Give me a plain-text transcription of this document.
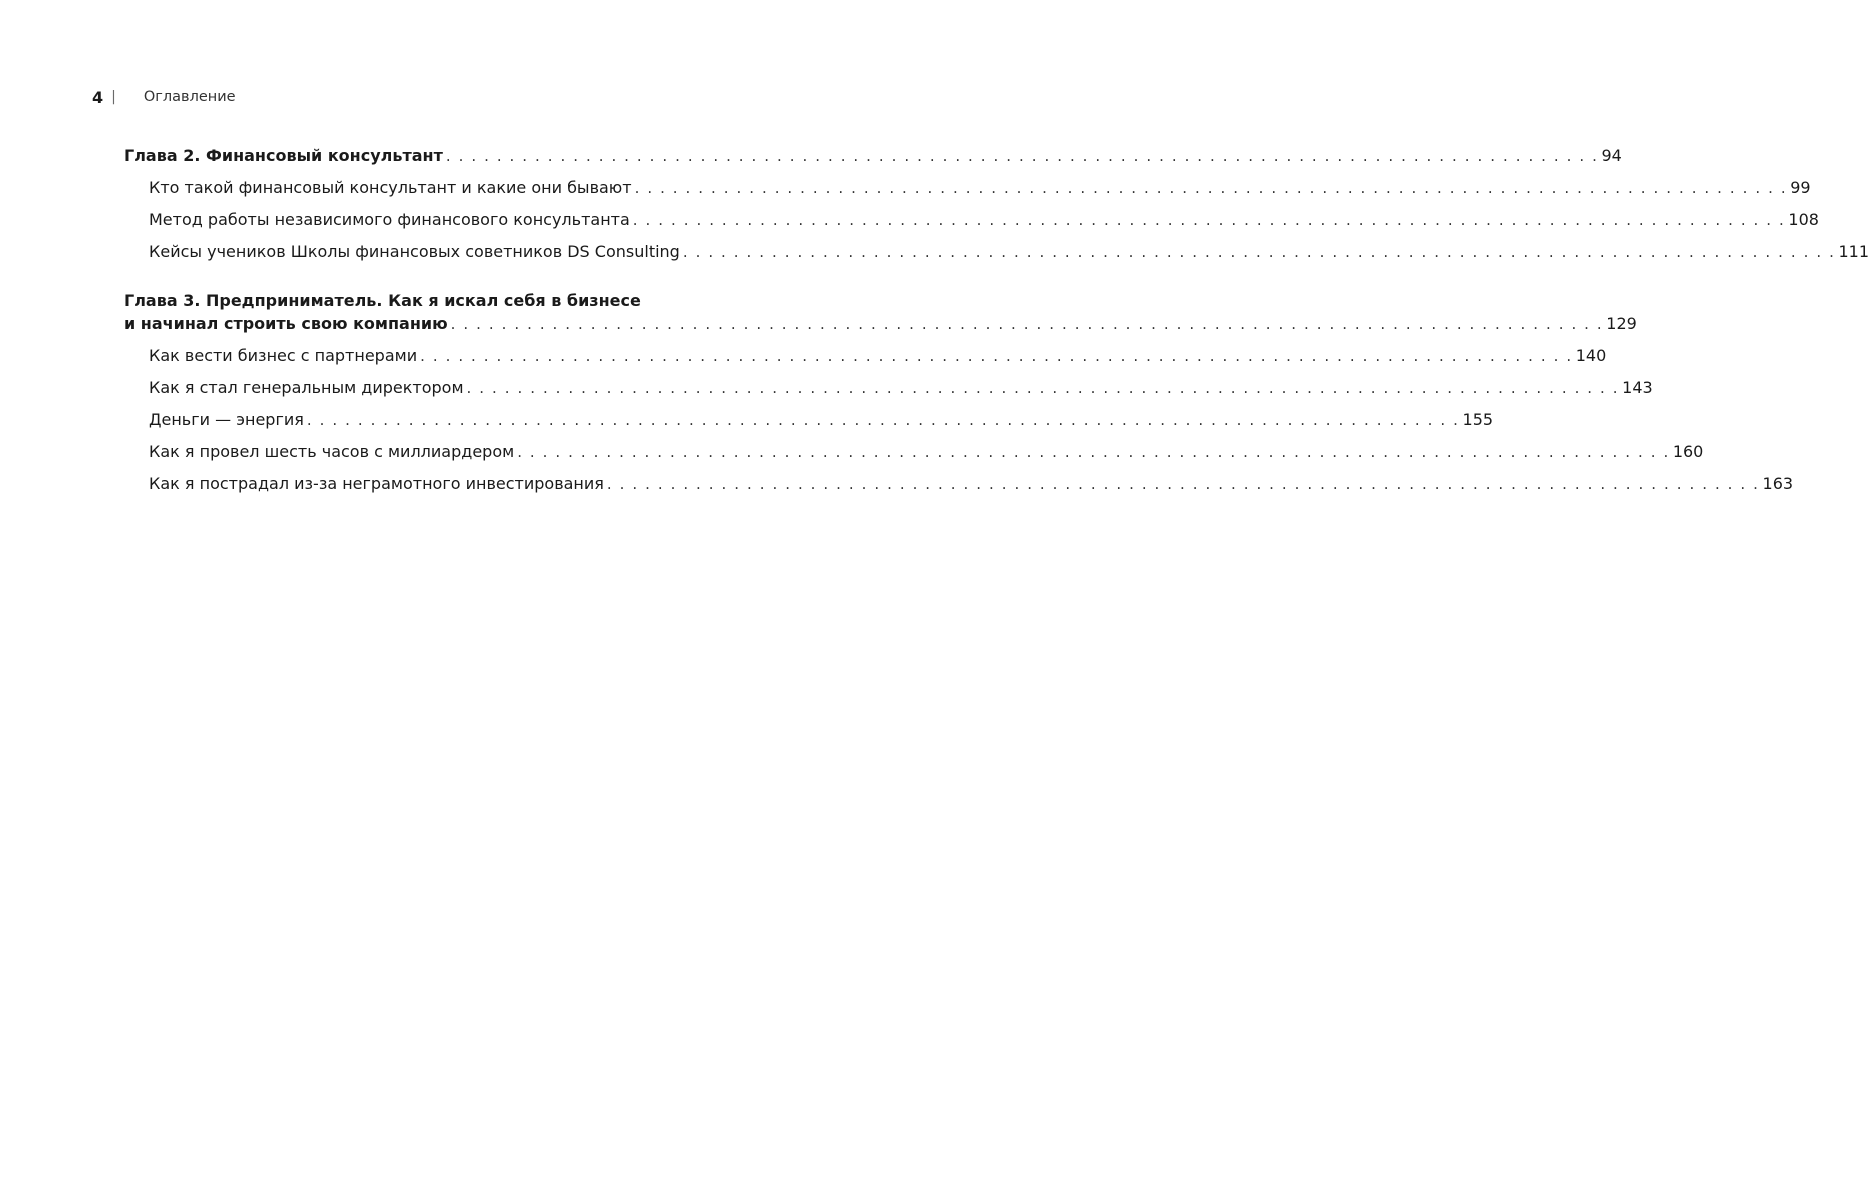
4 | Оглавление
Глава 2. Финансовый консультант . . .	94
Кто такой финансовый консультант и какие они бывают . . .	99
Метод работы независимого финансового консультанта . . .	108
Кейсы учеников Школы финансовых советников DS Consulting . . .	111
Глава 3. Предприниматель. Как я искал себя в бизнесе
и начинал строить свою компанию . . .	129
Как вести бизнес с партнерами . . .	140
Как я стал генеральным директором . . .	143
Деньги — энергия . . .	155
Как я провел шесть часов с миллиардером . . .	160
Как я пострадал из-за неграмотного инвестирования . . .	163
